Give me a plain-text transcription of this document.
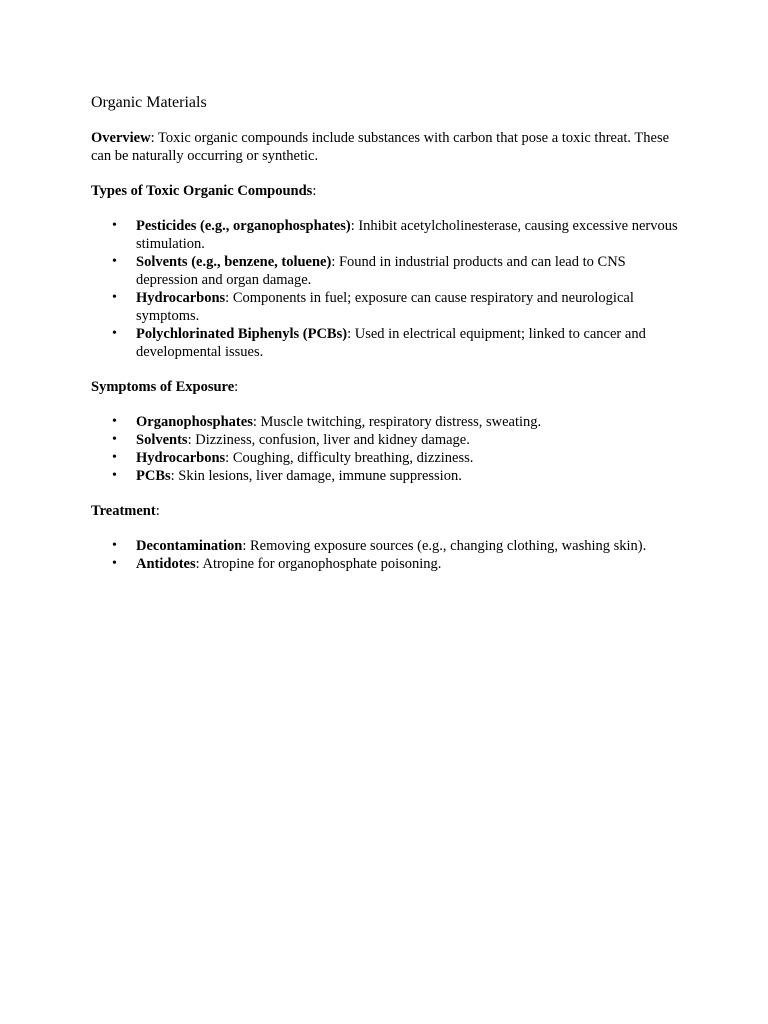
Organic Materials

Overview: Toxic organic compounds include substances with carbon that pose a toxic threat. These can be naturally occurring or synthetic.

Types of Toxic Organic Compounds:

• Pesticides (e.g., organophosphates): Inhibit acetylcholinesterase, causing excessive nervous stimulation.
• Solvents (e.g., benzene, toluene): Found in industrial products and can lead to CNS depression and organ damage.
• Hydrocarbons: Components in fuel; exposure can cause respiratory and neurological symptoms.
• Polychlorinated Biphenyls (PCBs): Used in electrical equipment; linked to cancer and developmental issues.

Symptoms of Exposure:

• Organophosphates: Muscle twitching, respiratory distress, sweating.
• Solvents: Dizziness, confusion, liver and kidney damage.
• Hydrocarbons: Coughing, difficulty breathing, dizziness.
• PCBs: Skin lesions, liver damage, immune suppression.

Treatment:

• Decontamination: Removing exposure sources (e.g., changing clothing, washing skin).
• Antidotes: Atropine for organophosphate poisoning.
